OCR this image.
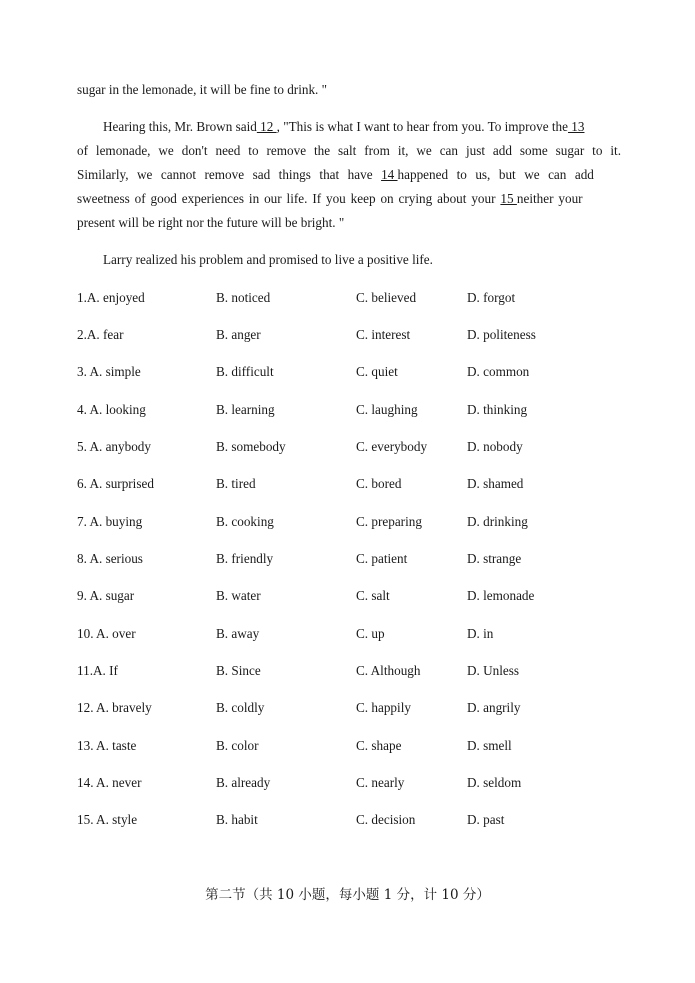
sugar in the lemonade, it will be fine to drink. "
Hearing this, Mr. Brown said 12 , "This is what I want to hear from you. To improve the 13
of lemonade, we don't need to remove the salt from it, we can just add some sugar to it.
Similarly, we cannot remove sad things that have 14 happened to us, but we can add
sweetness of good experiences in our life. If you keep on crying about your 15 neither your
present will be right nor the future will be bright. "
Larry realized his problem and promised to live a positive life.
1.A. enjoyed	B. noticed	C. believed	D. forgot
2.A. fear	B. anger	C. interest	D. politeness
3. A. simple	B. difficult	C. quiet	D. common
4. A. looking	B. learning	C. laughing	D. thinking
5. A. anybody	B. somebody	C. everybody	D. nobody
6. A. surprised	B. tired	C. bored	D. shamed
7. A. buying	B. cooking	C. preparing	D. drinking
8. A. serious	B. friendly	C. patient	D. strange
9. A. sugar	B. water	C. salt	D. lemonade
10. A. over	B. away	C. up	D. in
11.A. If	B. Since	C. Although	D. Unless
12. A. bravely	B. coldly	C. happily	D. angrily
13. A. taste	B. color	C. shape	D. smell
14. A. never	B. already	C. nearly	D. seldom
15. A. style	B. habit	C. decision	D. past
第二节（共 10 小题，每小题 1 分，计 10 分）
